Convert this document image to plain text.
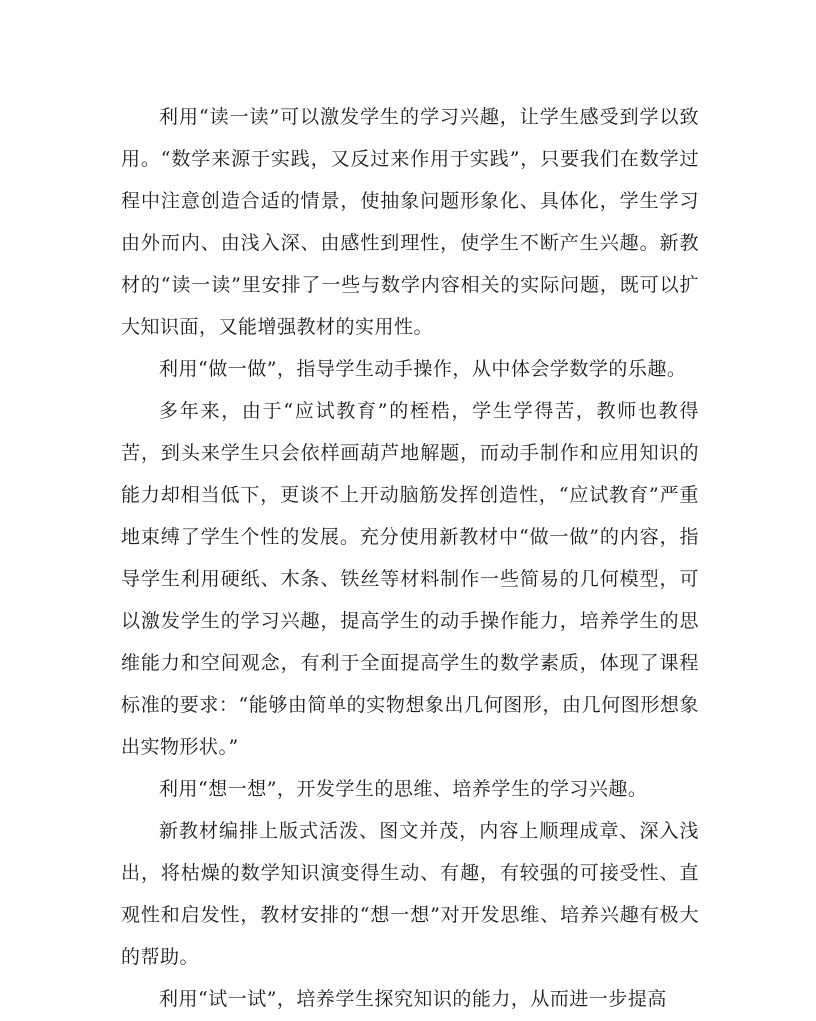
利用“读一读”可以激发学生的学习兴趣，让学生感受到学以致用。“数学来源于实践，又反过来作用于实践”，只要我们在数学过程中注意创造合适的情景，使抽象问题形象化、具体化，学生学习由外而内、由浅入深、由感性到理性，使学生不断产生兴趣。新教材的“读一读”里安排了一些与数学内容相关的实际问题，既可以扩大知识面，又能增强教材的实用性。

利用“做一做”，指导学生动手操作，从中体会学数学的乐趣。

多年来，由于“应试教育”的桎梏，学生学得苦，教师也教得苦，到头来学生只会依样画葫芦地解题，而动手制作和应用知识的能力却相当低下，更谈不上开动脑筋发挥创造性，“应试教育”严重地束缚了学生个性的发展。充分使用新教材中“做一做”的内容，指导学生利用硬纸、木条、铁丝等材料制作一些简易的几何模型，可以激发学生的学习兴趣，提高学生的动手操作能力，培养学生的思维能力和空间观念，有利于全面提高学生的数学素质，体现了课程标准的要求：“能够由简单的实物想象出几何图形，由几何图形想象出实物形状。”

利用“想一想”，开发学生的思维、培养学生的学习兴趣。

新教材编排上版式活泼、图文并茂，内容上顺理成章、深入浅出，将枯燥的数学知识演变得生动、有趣，有较强的可接受性、直观性和启发性，教材安排的“想一想”对开发思维、培养兴趣有极大的帮助。

利用“试一试”，培养学生探究知识的能力，从而进一步提高
